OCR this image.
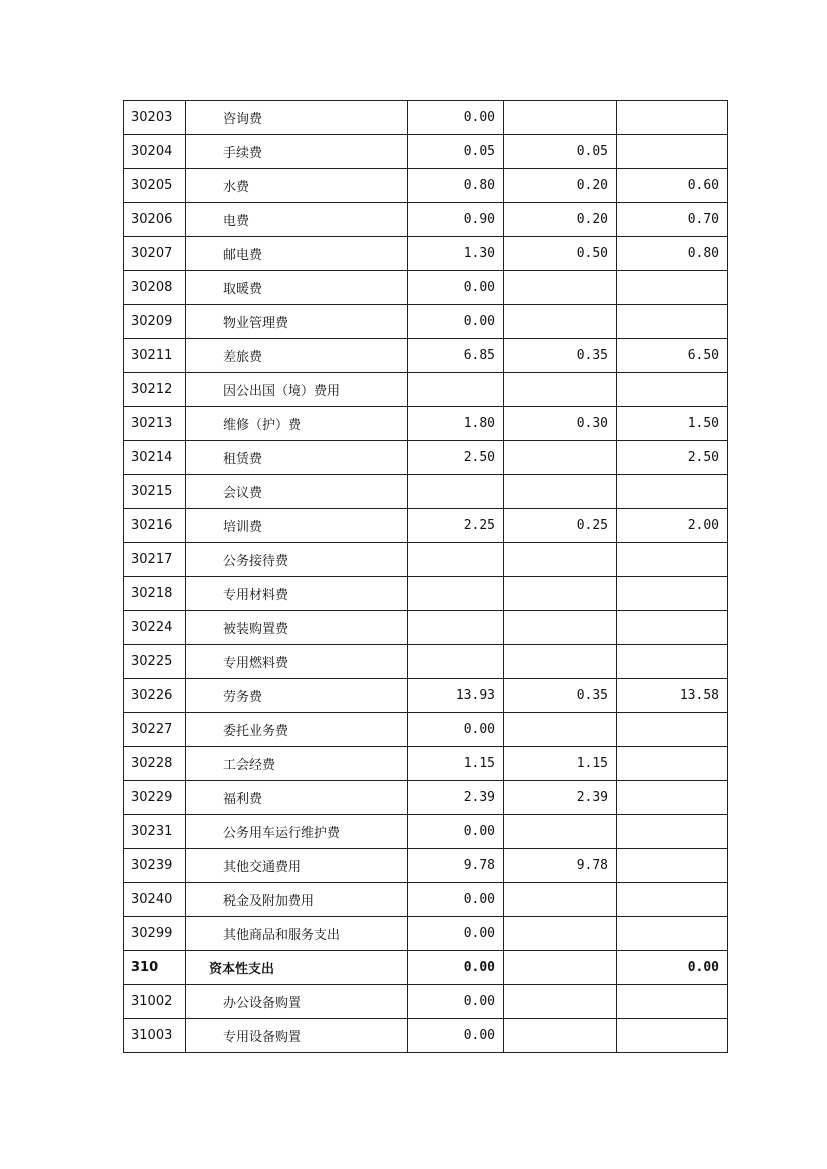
30203	咨询费	0.00		
30204	手续费	0.05	0.05	
30205	水费	0.80	0.20	0.60
30206	电费	0.90	0.20	0.70
30207	邮电费	1.30	0.50	0.80
30208	取暖费	0.00		
30209	物业管理费	0.00		
30211	差旅费	6.85	0.35	6.50
30212	因公出国（境）费用			
30213	维修（护）费	1.80	0.30	1.50
30214	租赁费	2.50		2.50
30215	会议费			
30216	培训费	2.25	0.25	2.00
30217	公务接待费			
30218	专用材料费			
30224	被装购置费			
30225	专用燃料费			
30226	劳务费	13.93	0.35	13.58
30227	委托业务费	0.00		
30228	工会经费	1.15	1.15	
30229	福利费	2.39	2.39	
30231	公务用车运行维护费	0.00		
30239	其他交通费用	9.78	9.78	
30240	税金及附加费用	0.00		
30299	其他商品和服务支出	0.00		
310	资本性支出	0.00		0.00
31002	办公设备购置	0.00		
31003	专用设备购置	0.00		
